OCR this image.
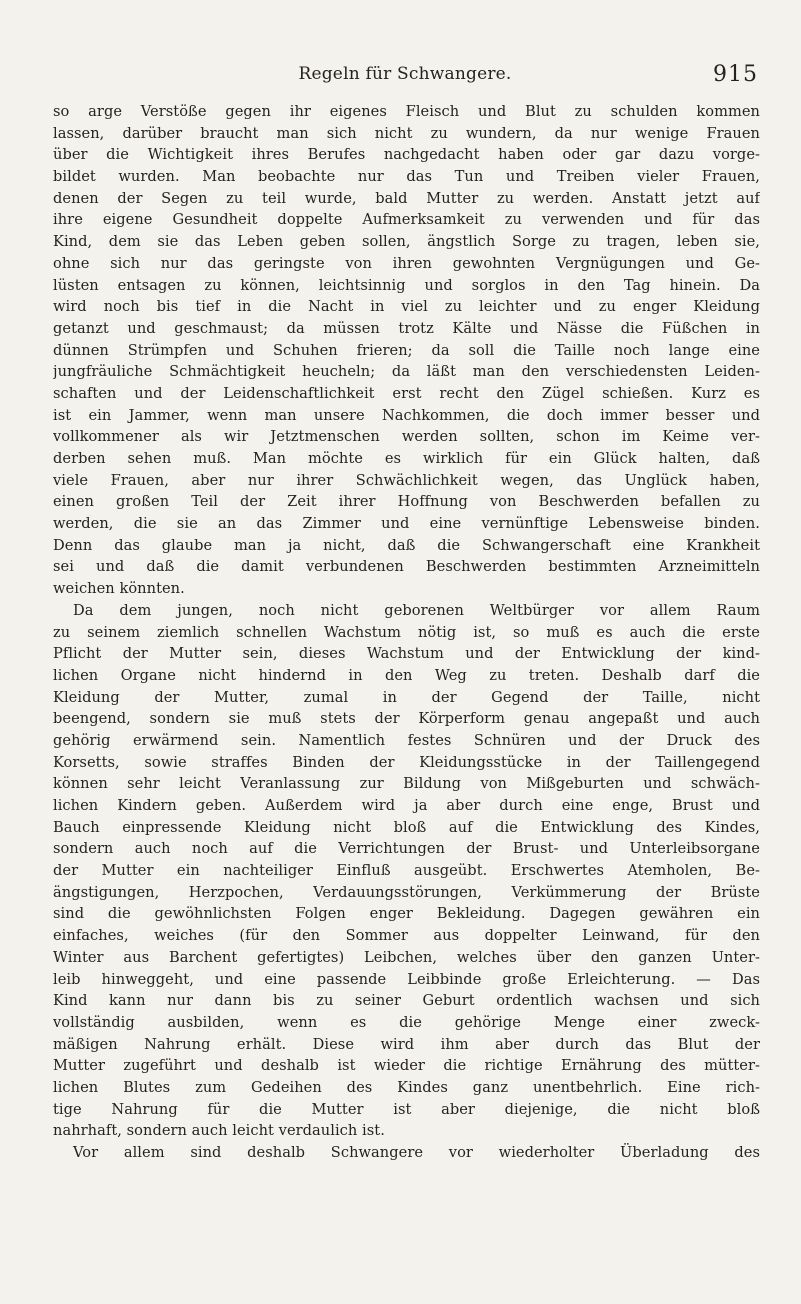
Regeln für Schwangere.	915
so arge Verstöße gegen ihr eigenes Fleisch und Blut zu schulden kommen
lassen, darüber braucht man sich nicht zu wundern, da nur wenige Frauen
über die Wichtigkeit ihres Berufes nachgedacht haben oder gar dazu vorge-
bildet wurden. Man beobachte nur das Tun und Treiben vieler Frauen,
denen der Segen zu teil wurde, bald Mutter zu werden. Anstatt jetzt auf
ihre eigene Gesundheit doppelte Aufmerksamkeit zu verwenden und für das
Kind, dem sie das Leben geben sollen, ängstlich Sorge zu tragen, leben sie,
ohne sich nur das geringste von ihren gewohnten Vergnügungen und Ge-
lüsten entsagen zu können, leichtsinnig und sorglos in den Tag hinein. Da
wird noch bis tief in die Nacht in viel zu leichter und zu enger Kleidung
getanzt und geschmaust; da müssen trotz Kälte und Nässe die Füßchen in
dünnen Strümpfen und Schuhen frieren; da soll die Taille noch lange eine
jungfräuliche Schmächtigkeit heucheln; da läßt man den verschiedensten Leiden-
schaften und der Leidenschaftlichkeit erst recht den Zügel schießen. Kurz es
ist ein Jammer, wenn man unsere Nachkommen, die doch immer besser und
vollkommener als wir Jetztmenschen werden sollten, schon im Keime ver-
derben sehen muß. Man möchte es wirklich für ein Glück halten, daß
viele Frauen, aber nur ihrer Schwächlichkeit wegen, das Unglück haben,
einen großen Teil der Zeit ihrer Hoffnung von Beschwerden befallen zu
werden, die sie an das Zimmer und eine vernünftige Lebensweise binden.
Denn das glaube man ja nicht, daß die Schwangerschaft eine Krankheit
sei und daß die damit verbundenen Beschwerden bestimmten Arzneimitteln
weichen könnten.
Da dem jungen, noch nicht geborenen Weltbürger vor allem Raum
zu seinem ziemlich schnellen Wachstum nötig ist, so muß es auch die erste
Pflicht der Mutter sein, dieses Wachstum und der Entwicklung der kind-
lichen Organe nicht hindernd in den Weg zu treten. Deshalb darf die
Kleidung der Mutter, zumal in der Gegend der Taille, nicht
beengend, sondern sie muß stets der Körperform genau angepaßt und auch
gehörig erwärmend sein. Namentlich festes Schnüren und der Druck des
Korsetts, sowie straffes Binden der Kleidungsstücke in der Taillengegend
können sehr leicht Veranlassung zur Bildung von Mißgeburten und schwäch-
lichen Kindern geben. Außerdem wird ja aber durch eine enge, Brust und
Bauch einpressende Kleidung nicht bloß auf die Entwicklung des Kindes,
sondern auch noch auf die Verrichtungen der Brust- und Unterleibsorgane
der Mutter ein nachteiliger Einfluß ausgeübt. Erschwertes Atemholen, Be-
ängstigungen, Herzpochen, Verdauungsstörungen, Verkümmerung der Brüste
sind die gewöhnlichsten Folgen enger Bekleidung. Dagegen gewähren ein
einfaches, weiches (für den Sommer aus doppelter Leinwand, für den
Winter aus Barchent gefertigtes) Leibchen, welches über den ganzen Unter-
leib hinweggeht, und eine passende Leibbinde große Erleichterung. — Das
Kind kann nur dann bis zu seiner Geburt ordentlich wachsen und sich
vollständig ausbilden, wenn es die gehörige Menge einer zweck-
mäßigen Nahrung erhält. Diese wird ihm aber durch das Blut der
Mutter zugeführt und deshalb ist wieder die richtige Ernährung des mütter-
lichen Blutes zum Gedeihen des Kindes ganz unentbehrlich. Eine rich-
tige Nahrung für die Mutter ist aber diejenige, die nicht bloß
nahrhaft, sondern auch leicht verdaulich ist.
Vor allem sind deshalb Schwangere vor wiederholter Überladung des
